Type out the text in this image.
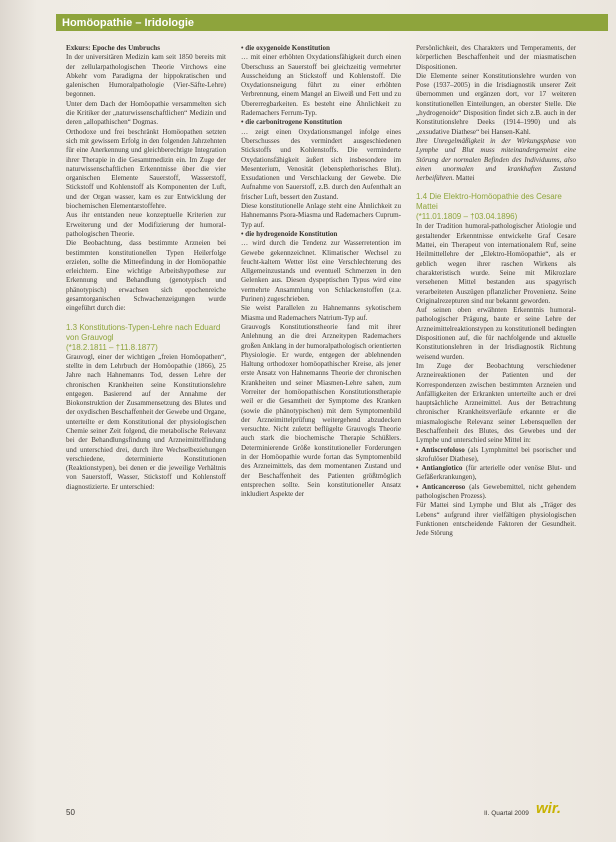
Homöopathie – Iridologie

Exkurs: Epoche des Umbruchs

In der universitären Medizin kam seit 1850 bereits mit der zellularpathologischen Theorie Virchows eine Abkehr vom Paradigma der hippokratischen und galenischen Humoralpathologie (Vier-Säfte-Lehre) begonnen.

Unter dem Dach der Homöopathie versammelten sich die Kritiker der „naturwissenschaftlichen“ Medizin und deren „allopathischen“ Dogmas.

Orthodoxe und frei beschränkt Homöopathen setzten sich mit gewissem Erfolg in den folgenden Jahrzehnten für eine Anerkennung und gleichberechtigte Integration ihrer Therapie in die Gesamtmedizin ein. Im Zuge der naturwissenschaftlichen Erkenntnisse über die vier organischen Elemente Sauerstoff, Wasserstoff, Stickstoff und Kohlenstoff als Komponenten der Luft, und der Organ wasser, kam es zur Entwicklung der biochemischen Elementarstoffehre.

Aus ihr entstanden neue konzeptuelle Kriterien zur Erweiterung und der Modifizierung der humoral-pathologischen Theorie.

Die Beobachtung, dass bestimmte Arzneien bei bestimmten konstitutionellen Typen Heilerfolge erzielen, sollte die Mitteefindung in der Homöopathie erleichtern. Eine wichtige Arbeitshypothese zur Erkennung und Behandlung (genotypisch und phänotypisch) erwachsen sich epochenreiche gesamtorganischen Schwachenzeigungen wurde eingeführt durch die:

1.3 Konstitutions-Typen-Lehre nach Eduard von Grauvogl

(*18.2.1811 – †11.8.1877)

Grauvogl, einer der wichtigen „freien Homöopathen“, stellte in dem Lehrbuch der Homöopathie (1866), 25 Jahre nach Hahnemanns Tod, dessen Lehre der chronischen Krankheiten seine Konstitutionslehre entgegen. Basierend auf der Annahme der Biokonstruktion der Zusammensetzung des Blutes und der oxydischen Beschaffenheit der Gewebe und Organe, unterteilte er dem Konstitutional der physiologischen Chemie seiner Zeit folgend, die metabolische Relevanz bei der Behandlungsfindung und Arzneimittelfindung und unterschied drei, durch ihre Wechselbeziehungen verschiedene, determinierte Konstitutionen (Reaktionstypen), bei denen er die jeweilige Verhältnis von Sauerstoff, Wasser, Stickstoff und Kohlenstoff diagnostizierte. Er unterschied:

• die oxygenoide Konstitution

… mit einer erhöhten Oxydationsfähigkeit durch einen Überschuss an Sauerstoff bei gleichzeitig vermehrter Ausscheidung an Stickstoff und Kohlenstoff. Die Oxydationsneigung führt zu einer erhöhten Verbrennung, einem Mangel an Eiweiß und Fett und zu Übererregbarkeiten. Es besteht eine Ähnlichkeit zu Rademachers Ferrum-Typ.

• die carbonitrogene Konstitution

… zeigt einen Oxydationsmangel infolge eines Überschusses des vermindert ausgeschiedenen Stickstoffs und Kohlenstoffs. Die verminderte Oxydationsfähigkeit äußert sich insbesondere im Mesenterium, Venosität (lebensplethorisches Blut). Exsudationen und Verschlackung der Gewebe. Die Aufnahme von Sauerstoff, z.B. durch den Aufenthalt an frischer Luft, bessert den Zustand.

Diese konstitutionelle Anlage steht eine Ähnlichkeit zu Hahnemanns Psora-Miasma und Rademachers Cuprum-Typ auf.

• die hydrogenoide Konstitution

… wird durch die Tendenz zur Wasserretention im Gewebe gekennzeichnet. Klimatischer Wechsel zu feucht-kaltem Wetter löst eine Verschlechterung des Allgemeinzustands und eventuell Schmerzen in den Gelenken aus. Diesen dyspeptischen Typus wird eine vermehrte Ansammlung von Schlackenstoffen (z.a. Purinen) zugeschrieben.

Sie weist Parallelen zu Hahnemanns sykotischem Miasma und Rademachers Natrium-Typ auf.

Grauvogls Konstitutionstheorie fand mit ihrer Anlehnung an die drei Arzneitypen Rademachers großen Anklang in der humoralpathologisch orientierten Physiologie. Er wurde, entgegen der ablehnenden Haltung orthodoxer homöopathischer Kreise, als jener erste Ansatz von Hahnemanns Theorie der chronischen Krankheiten und seiner Miasmen-Lehre sahen, zum Vorreiter der homöopathischen Konstitutionstherapie weil er die Gesamtheit der Symptome des Kranken (sowie die phänotypischen) mit dem Symptomenbild der Arzneimittelprüfung weitergehend abzudecken versuchte. Nicht zuletzt beflügelte Grauvogls Theorie auch stark die biochemische Therapie Schüßlers. Determinierende Größe konstitutioneller Forderungen in der Homöopathie wurde fortan das Symptomenbild des Arzneimittels, das dem momentanen Zustand und der Beschaffenheit des Patienten größtmöglich entsprechen sollte. Sein konstitutioneller Ansatz inkludiert Aspekte der

Persönlichkeit, des Charakters und Temperaments, der körperlichen Beschaffenheit und der miasmatischen Dispositionen.

Die Elemente seiner Konstitutionslehre wurden von Pose (1937–2005) in die Irisdiagnostik unserer Zeit übernommen und ergänzen dort, vor 17 weiteren konstitutionellen Einteilungen, an oberster Stelle. Die „hydrogenoide“ Disposition findet sich z.B. auch in der Konstitutionslehre Deeks (1914–1990) und als „exsudative Diathese“ bei Hansen-Kahl.

Ihre Unregelmäßigkeit in der Wirkungsphase von Lymphe und Blut muss miteinandergemeint eine Störung der normalen Befinden des Individuums, also einen unormalen und krankhaften Zustand herbeiführen. Mattei

1.4 Die Elektro-Homöopathie des Cesare Mattei

(*11.01.1809 – †03.04.1896)

In der Tradition humoral-pathologischer Ätiologie und gestaltender Erkenntnisse entwickelte Graf Cesare Mattei, ein Therapeut von internationalem Ruf, seine Heilmittellehre der „Elektro-Homöopathie“, als er geblich wegen ihrer raschen Wirkens als charakteristisch wurde. Seine mit Mikrozlare versehenen Mittel bestanden aus spagyrisch verarbeiteten Auszügen pflanzlicher Provenienz. Seine Originalrezepturen sind nur bekannt geworden.

Auf seinen oben erwähnten Erkenntnis humoral-pathologischer Prägung, baute er seine Lehre der Arzneimittelreaktionstypen zu konstitutionell bedingten Dispositionen auf, die für nachfolgende und aktuelle Konstitutionslehren in der Irisdiagnostik Richtung weisend wurden.

Im Zuge der Beobachtung verschiedener Arzneireaktionen der Patienten und der Korrespondenzen zwischen bestimmten Arzneien und Anfälligkeiten der Erkrankten unterteilte auch er drei hauptsächliche Arzneimittel. Aus der Betrachtung chronischer Krankheitsverläufe erkannte er die miasmalogische Relevanz seiner Lebensquellen der Beschaffenheit des Blutes, des Gewebes und der Lymphe und unterschied seine Mittel in:

• Antiscrofoloso (als Lymphmittel bei psorischer und skrofulöser Diathese),

• Antiangiotico (für arterielle oder venöse Blut- und Gefäßerkrankungen),

• Anticanceroso (als Gewebemittel, nicht gehendem pathologischen Prozess).

Für Mattei sind Lymphe und Blut als „Träger des Lebens“ aufgrund ihrer vielfältigen physiologischen Funktionen entscheidende Faktoren der Gesundheit. Jede Störung

50	II. Quartal 2009 wir.
